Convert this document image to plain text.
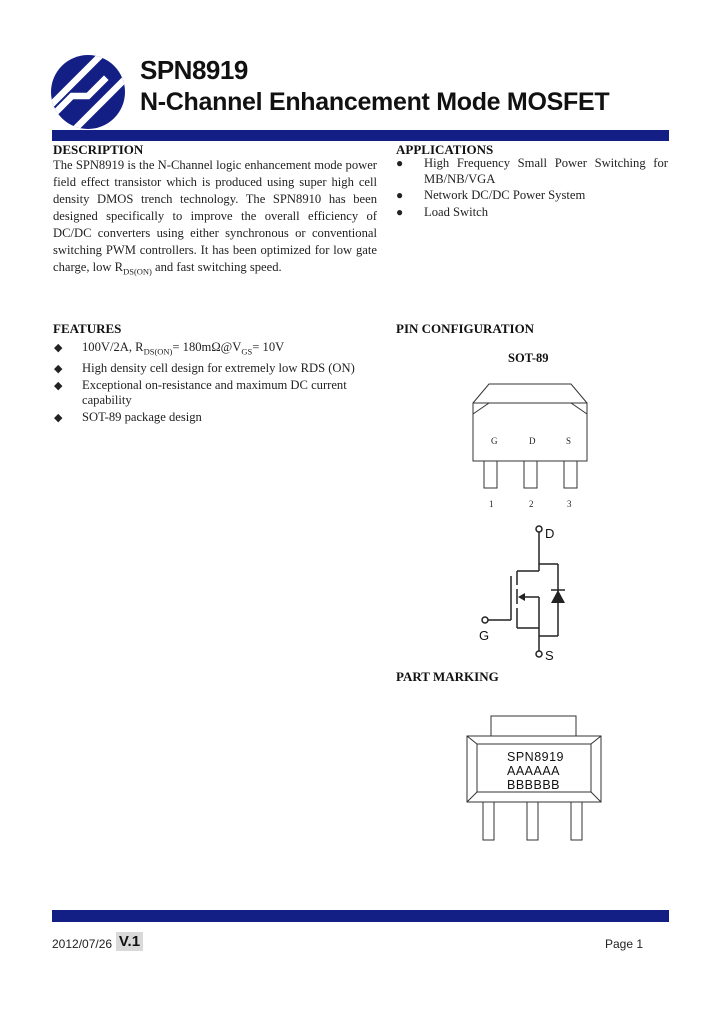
SPN8919
N-Channel Enhancement Mode MOSFET
DESCRIPTION
The SPN8919 is the N-Channel logic enhancement mode power field effect transistor which is produced using super high cell density DMOS trench technology. The SPN8910 has been designed specifically to improve the overall efficiency of DC/DC converters using either synchronous or conventional switching PWM controllers. It has been optimized for low gate charge, low $R_{DS(ON)}$ and fast switching speed.
APPLICATIONS
● High Frequency Small Power Switching for MB/NB/VGA
● Network DC/DC Power System
● Load Switch
FEATURES
◆ 100V/2A, $R_{DS(ON)}=$ $180m\Omega@V_{GS}= 10V$
◆ High density cell design for extremely low RDS (ON)
◆ Exceptional on-resistance and maximum DC current capability
◆ SOT-89 package design
PIN CONFIGURATION
SOT-89
G	D	S
1	2	3
D
G
S
PART MARKING
SPN8919
AAAAAA
BBBBBB
2012/07/26 V.1	Page 1
